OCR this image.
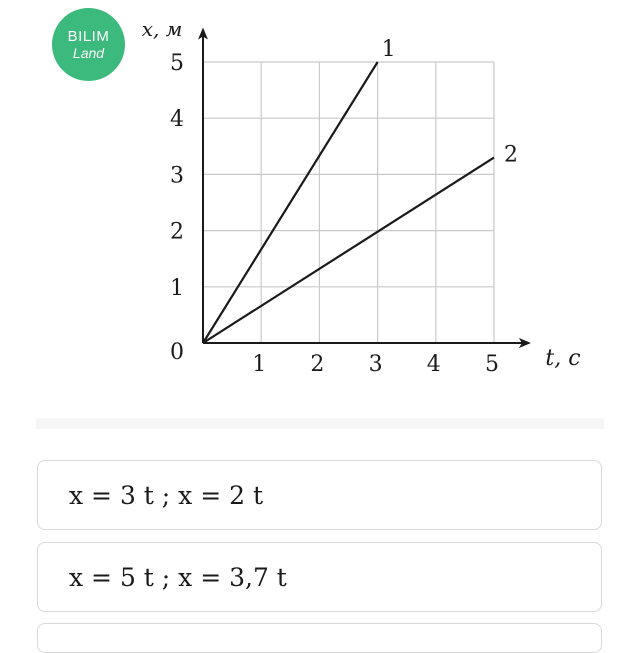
BILIM
Land
1 2 3 4 5
0
1
2
3
4
5
x, м
t, с
1
2
x = 3 t ; x = 2 t
x = 5 t ; x = 3,7 t
